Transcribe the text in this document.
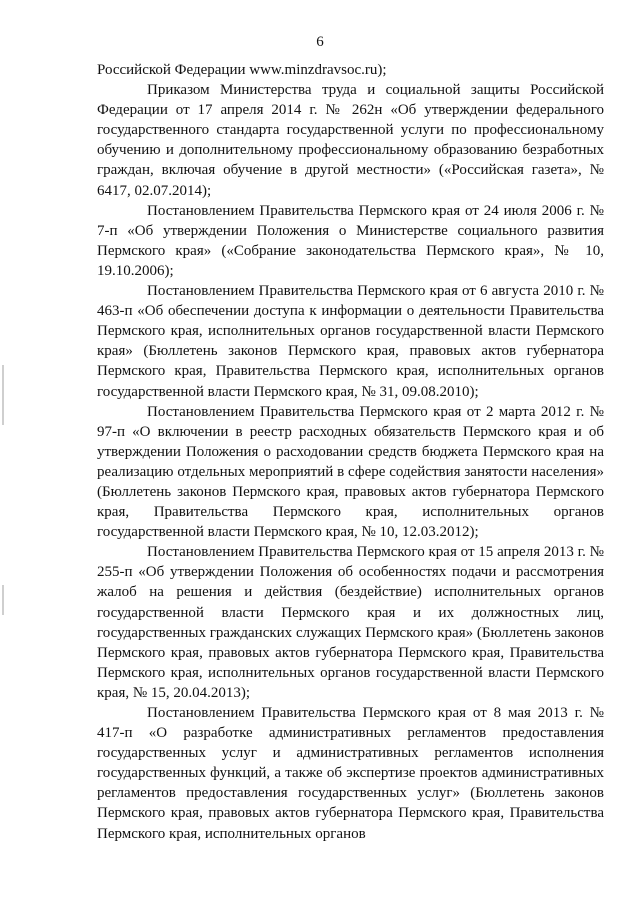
6

Российской Федерации www.minzdravsoc.ru);

Приказом Министерства труда и социальной защиты Российской Федерации от 17 апреля 2014 г. № 262н «Об утверждении федерального государственного стандарта государственной услуги по профессиональному обучению и дополнительному профессиональному образованию безработных граждан, включая обучение в другой местности» («Российская газета», № 6417, 02.07.2014);

Постановлением Правительства Пермского края от 24 июля 2006 г. № 7-п «Об утверждении Положения о Министерстве социального развития Пермского края» («Собрание законодательства Пермского края», № 10, 19.10.2006);

Постановлением Правительства Пермского края от 6 августа 2010 г. № 463-п «Об обеспечении доступа к информации о деятельности Правительства Пермского края, исполнительных органов государственной власти Пермского края» (Бюллетень законов Пермского края, правовых актов губернатора Пермского края, Правительства Пермского края, исполнительных органов государственной власти Пермского края, № 31, 09.08.2010);

Постановлением Правительства Пермского края от 2 марта 2012 г. № 97-п «О включении в реестр расходных обязательств Пермского края и об утверждении Положения о расходовании средств бюджета Пермского края на реализацию отдельных мероприятий в сфере содействия занятости населения» (Бюллетень законов Пермского края, правовых актов губернатора Пермского края, Правительства Пермского края, исполнительных органов государственной власти Пермского края, № 10, 12.03.2012);

Постановлением Правительства Пермского края от 15 апреля 2013 г. № 255-п «Об утверждении Положения об особенностях подачи и рассмотрения жалоб на решения и действия (бездействие) исполнительных органов государственной власти Пермского края и их должностных лиц, государственных гражданских служащих Пермского края» (Бюллетень законов Пермского края, правовых актов губернатора Пермского края, Правительства Пермского края, исполнительных органов государственной власти Пермского края, № 15, 20.04.2013);

Постановлением Правительства Пермского края от 8 мая 2013 г. № 417-п «О разработке административных регламентов предоставления государственных услуг и административных регламентов исполнения государственных функций, а также об экспертизе проектов административных регламентов предоставления государственных услуг» (Бюллетень законов Пермского края, правовых актов губернатора Пермского края, Правительства Пермского края, исполнительных органов
